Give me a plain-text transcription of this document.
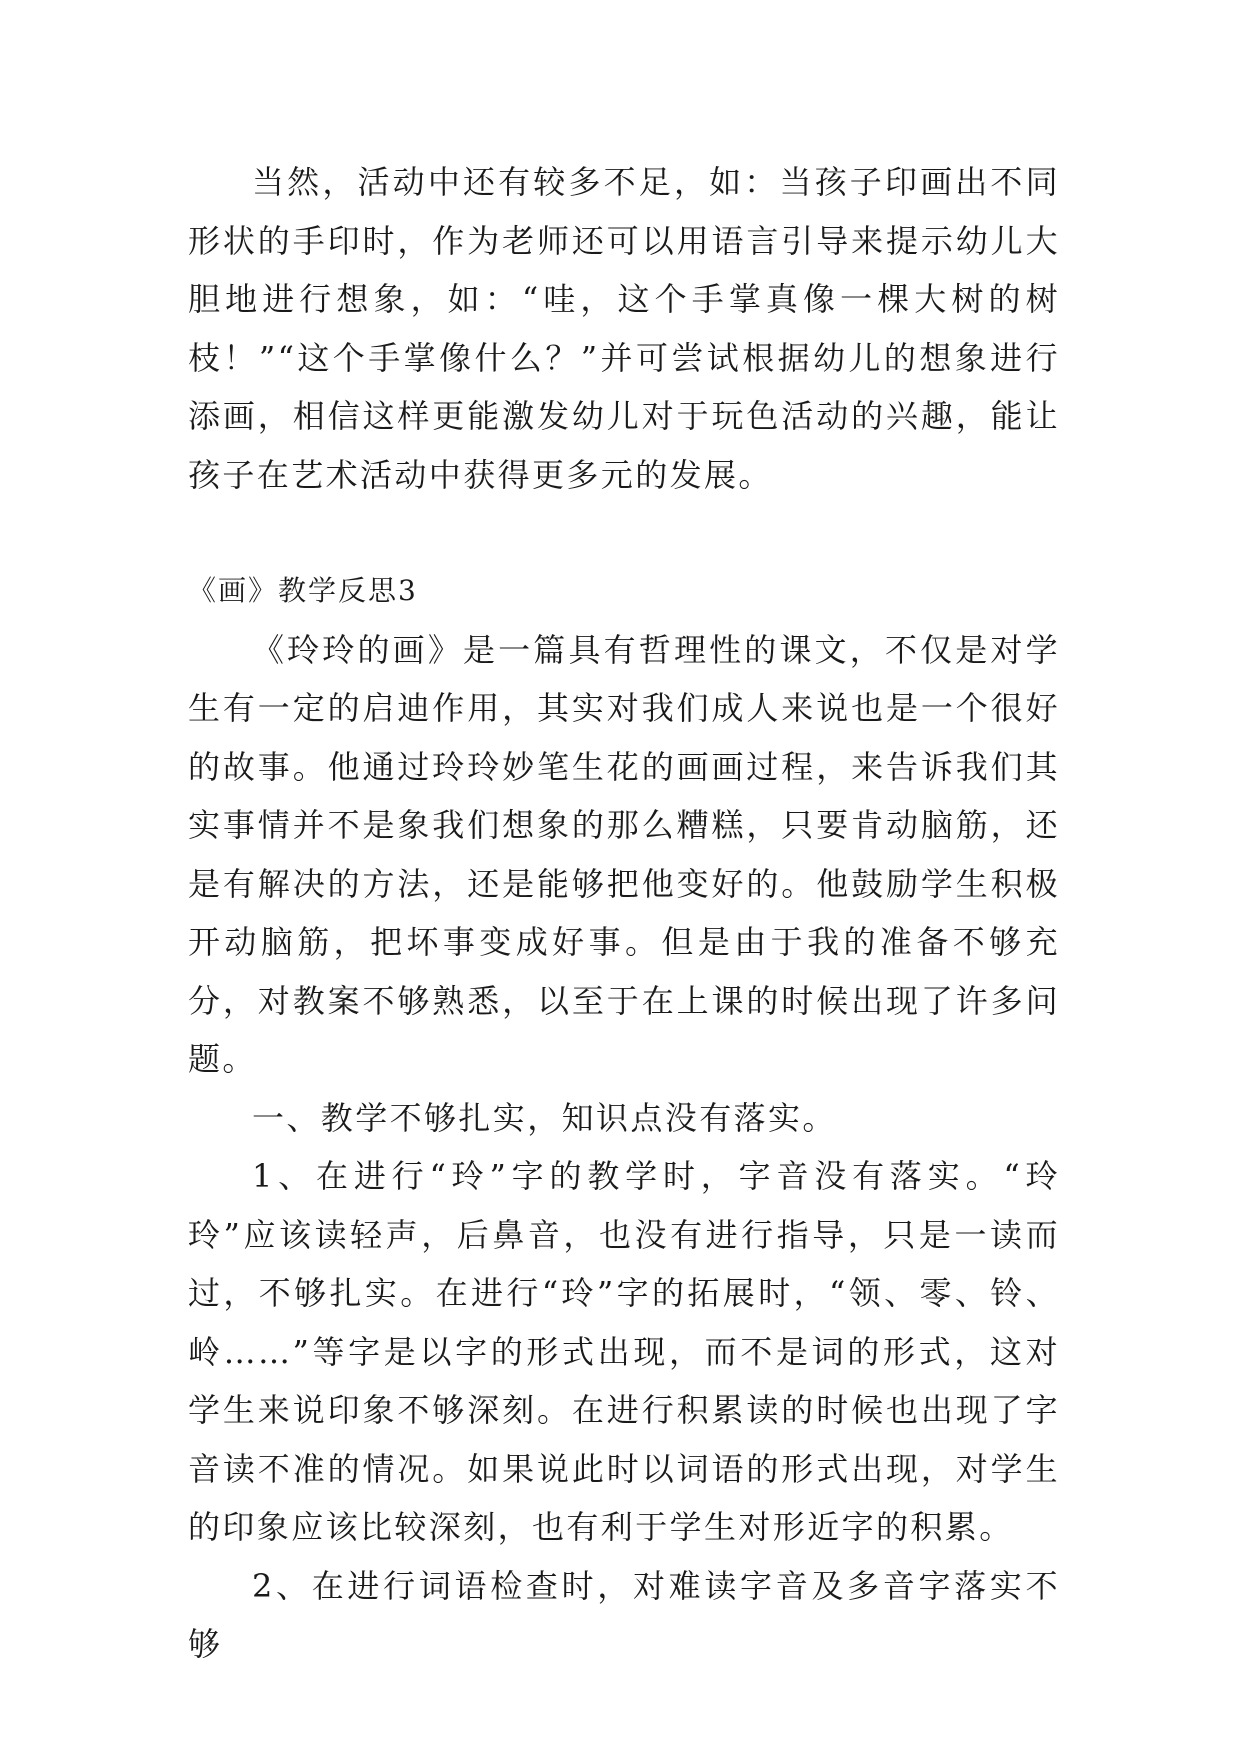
当然，活动中还有较多不足，如：当孩子印画出不同形状的手印时，作为老师还可以用语言引导来提示幼儿大胆地进行想象，如：“哇，这个手掌真像一棵大树的树枝！”“这个手掌像什么？”并可尝试根据幼儿的想象进行添画，相信这样更能激发幼儿对于玩色活动的兴趣，能让孩子在艺术活动中获得更多元的发展。

《画》教学反思3

《玲玲的画》是一篇具有哲理性的课文，不仅是对学生有一定的启迪作用，其实对我们成人来说也是一个很好的故事。他通过玲玲妙笔生花的画画过程，来告诉我们其实事情并不是象我们想象的那么糟糕，只要肯动脑筋，还是有解决的方法，还是能够把他变好的。他鼓励学生积极开动脑筋，把坏事变成好事。但是由于我的准备不够充分，对教案不够熟悉，以至于在上课的时候出现了许多问题。

一、教学不够扎实，知识点没有落实。

1、在进行“玲”字的教学时，字音没有落实。“玲玲”应该读轻声，后鼻音，也没有进行指导，只是一读而过，不够扎实。在进行“玲”字的拓展时，“领、零、铃、岭……”等字是以字的形式出现，而不是词的形式，这对学生来说印象不够深刻。在进行积累读的时候也出现了字音读不准的情况。如果说此时以词语的形式出现，对学生的印象应该比较深刻，也有利于学生对形近字的积累。

2、在进行词语检查时，对难读字音及多音字落实不够
